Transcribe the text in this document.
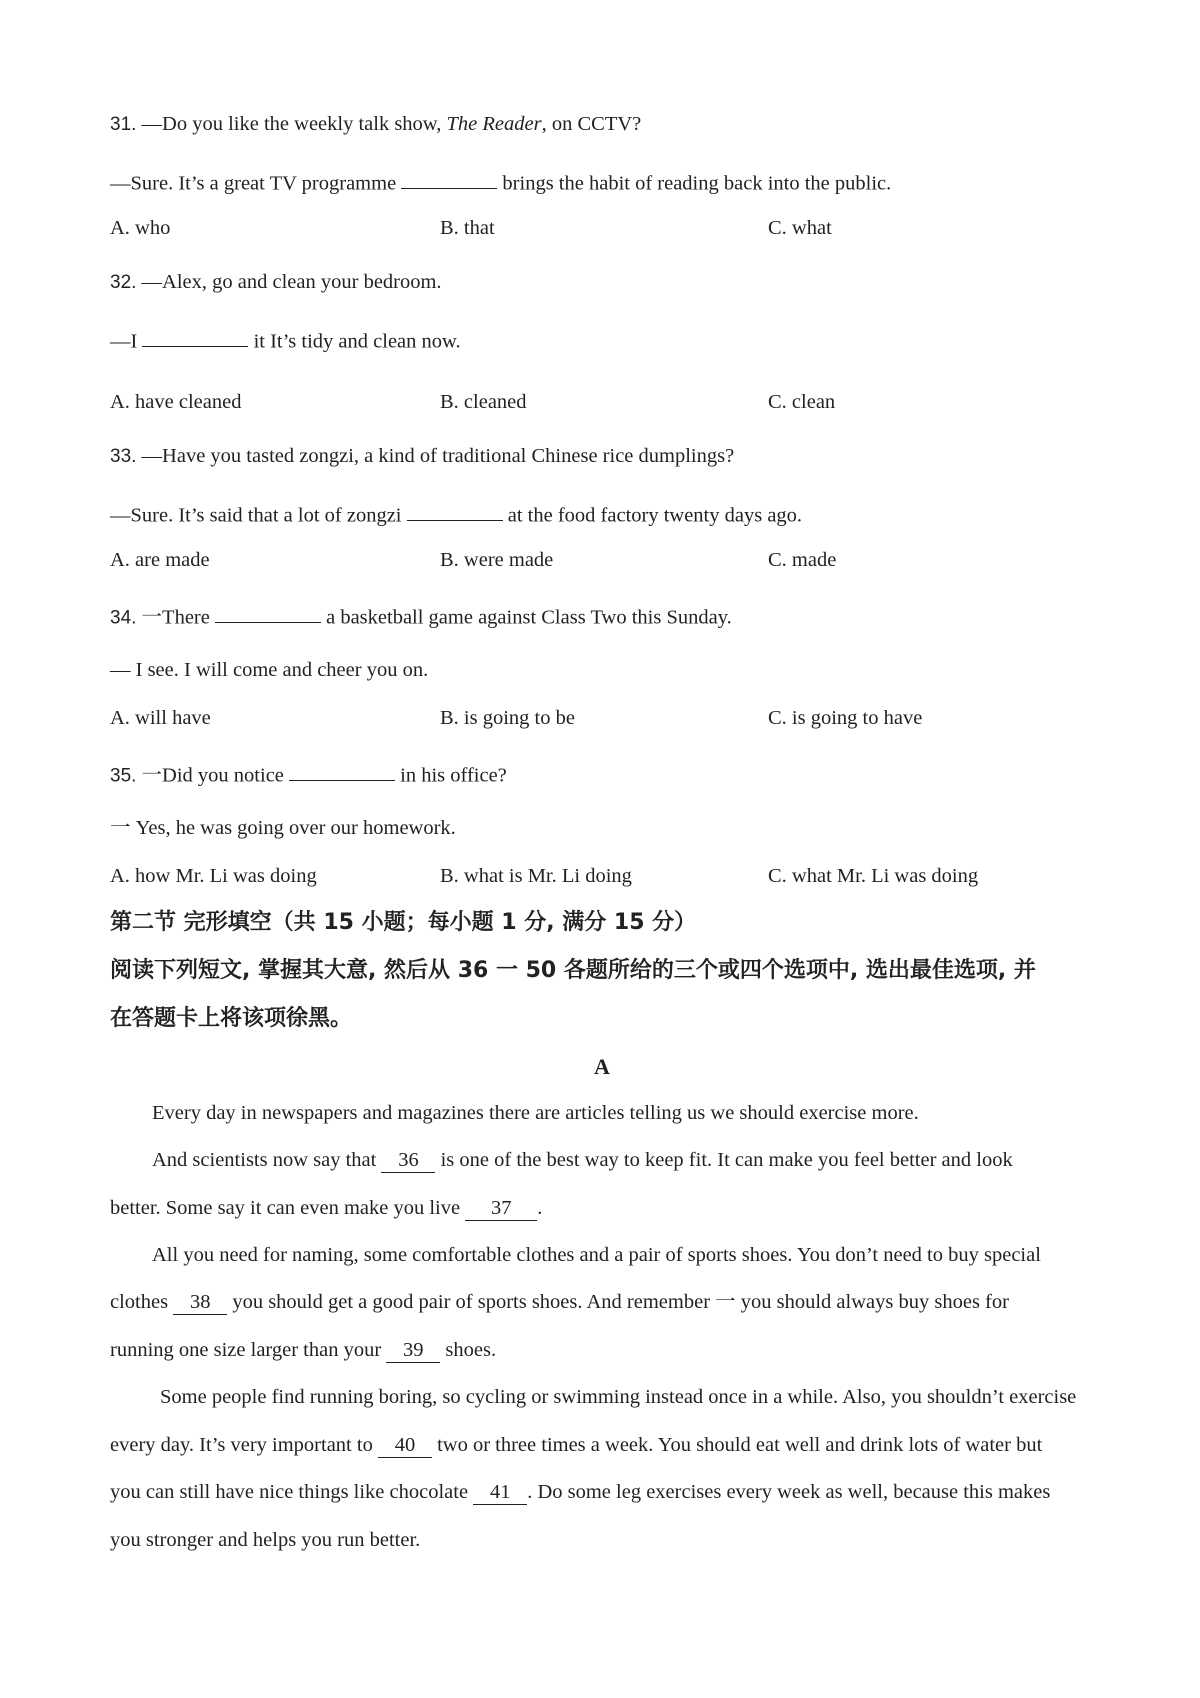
31. —Do you like the weekly talk show, The Reader, on CCTV?
—Sure. It’s a great TV programme	brings the habit of reading back into the public.
A. who	B. that	C. what
32. —Alex, go and clean your bedroom.
—I	it It’s tidy and clean now.
A. have cleaned	B. cleaned	C. clean
33. —Have you tasted zongzi, a kind of traditional Chinese rice dumplings?
—Sure. It’s said that a lot of zongzi	at the food factory twenty days ago.
A. are made	B. were made	C. made
34. 一There	a basketball game against Class Two this Sunday.
— I see. I will come and cheer you on.
A. will have	B. is going to be	C. is going to have
35. 一Did you notice	in his office?
一 Yes, he was going over our homework.
A. how Mr. Li was doing	B. what is Mr. Li doing	C. what Mr. Li was doing
第二节 完形填空（共 15 小题；每小题 1 分, 满分 15 分）
阅读下列短文, 掌握其大意, 然后从 36 一 50 各题所给的三个或四个选项中, 选出最佳选项, 并
在答题卡上将该项徐黑。
A
Every day in newspapers and magazines there are articles telling us we should exercise more.
And scientists now say that 36 is one of the best way to keep fit. It can make you feel better and look
better. Some say it can even make you live 37 .
All you need for naming, some comfortable clothes and a pair of sports shoes. You don’t need to buy special
clothes 38 you should get a good pair of sports shoes. And remember 一 you should always buy shoes for
running one size larger than your 39 shoes.
Some people find running boring, so cycling or swimming instead once in a while. Also, you shouldn’t exercise
every day. It’s very important to 40 two or three times a week. You should eat well and drink lots of water but
you can still have nice things like chocolate 41 . Do some leg exercises every week as well, because this makes
you stronger and helps you run better.
